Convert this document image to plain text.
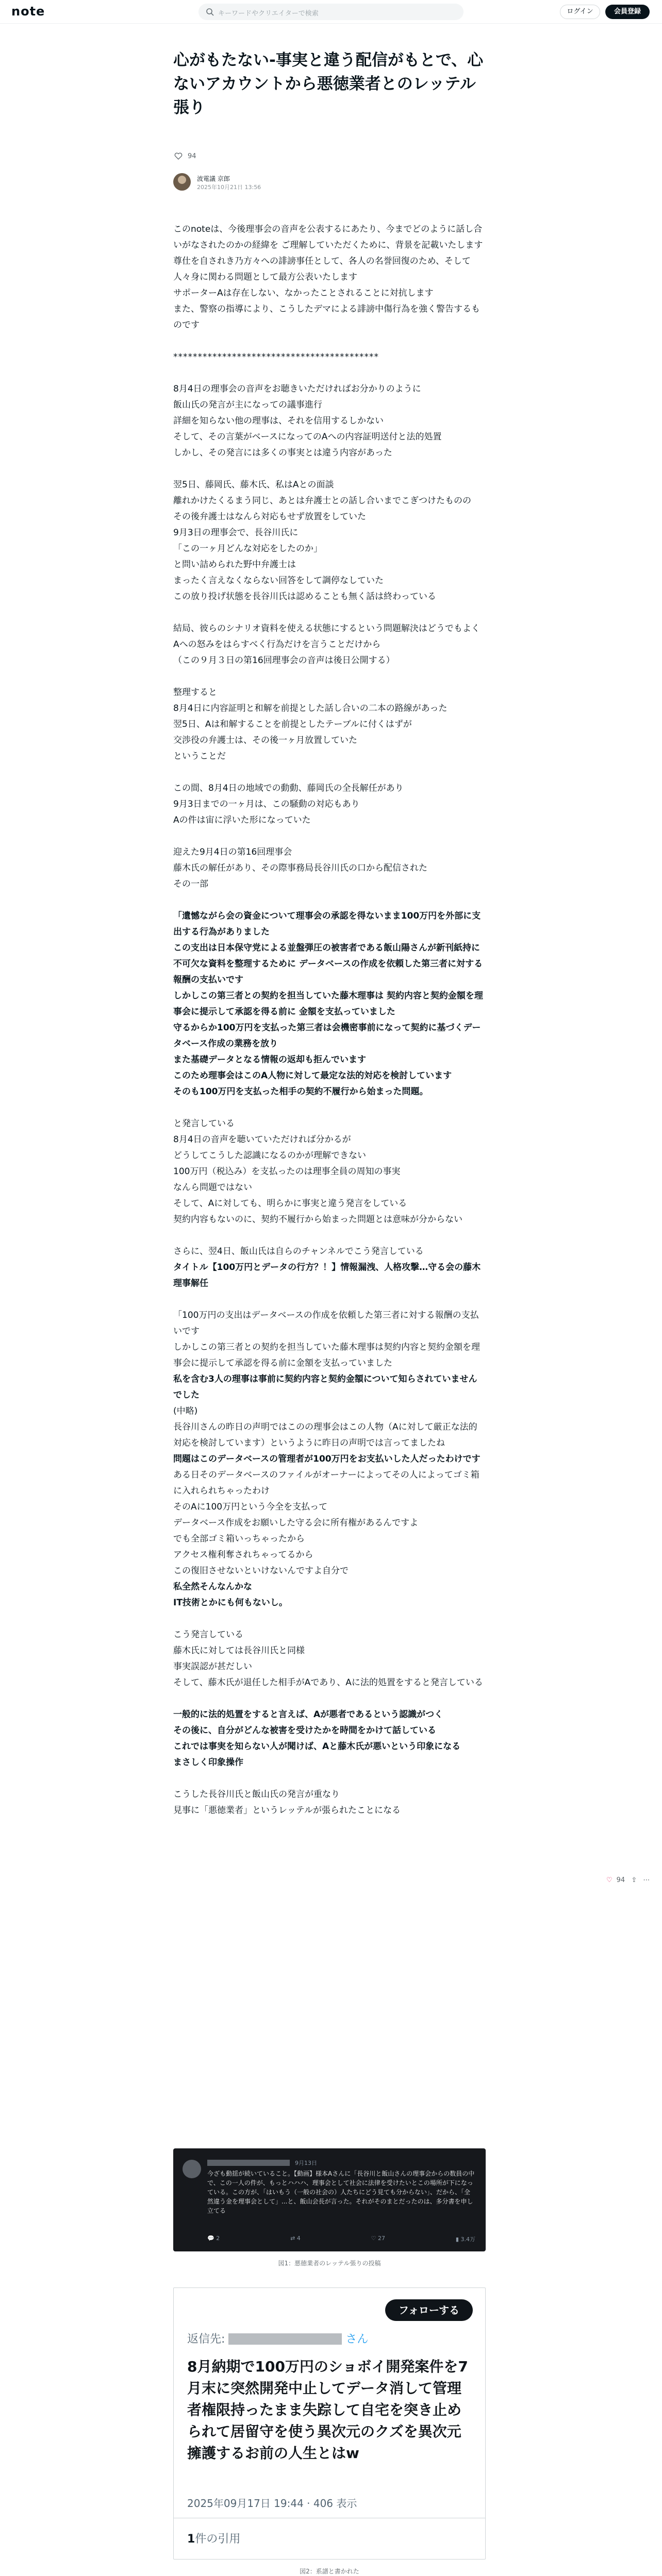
note	キーワードやクリエイターで検索	ログイン	会員登録
心がもたない-事実と違う配信がもとで、心ないアカウントから悪徳業者とのレッテル張り
94
波電議 京郎
2025年10月21日 13:56
このnoteは、今後理事会の音声を公表するにあたり、今までどのように話し合いがなされたのかの経緯を ご理解していただくために、背景を記載いたします
尊仕を自されき乃方々への誹謗事任として、各人の名誉回復のため、そして人々身に関わる問題として最方公表いたします
サポーターAは存在しない、なかったことされることに対抗します
また、警察の指導により、こうしたデマによる誹謗中傷行為を強く警告するものです
******************************************
8月4日の理事会の音声をお聴きいただければお分かりのように
飯山氏の発言が主になっての議事進行
詳細を知らない他の理事は、それを信用するしかない
そして、その言葉がベースになってのAへの内容証明送付と法的処置
しかし、その発言には多くの事実とは違う内容があった
翌5日、藤岡氏、藤木氏、私はAとの面談
離れかけたくるまう同じ、あとは弁護士との話し合いまでこぎつけたものの
その後弁護士はなんら対応もせず放置をしていた
9月3日の理事会で、長谷川氏に
「この一ヶ月どんな対応をしたのか」
と問い詰められた野中弁護士は
まったく言えなくならない回答をして調停なしていた
この放り投げ状態を長谷川氏は認めることも無く話は終わっている
結局、彼らのシナリオ資料を使える状態にするという問題解決はどうでもよく
Aへの怒みをはらすべく行為だけを言うことだけから
（この９月３日の第16回理事会の音声は後日公開する）
整理すると
8月4日に内容証明と和解を前提とした話し合いの二本の路線があった
翌5日、Aは和解することを前提としたテーブルに付くはずが
交渉役の弁護士は、その後一ヶ月放置していた
ということだ
この間、8月4日の地域での動動、藤岡氏の全長解任があり
9月3日までの一ヶ月は、この騒動の対応もあり
Aの件は宙に浮いた形になっていた
迎えた9月4日の第16回理事会
藤木氏の解任があり、その際事務局長谷川氏の口から配信された
その一部
「遺憾ながら会の資金について理事会の承認を得ないまま100万円を外部に支出する行為がありました
この支出は日本保守党による並盤弾圧の被害者である飯山陽さんが新刊紙持に不可欠な資料を整理するために データベースの作成を依頼した第三者に対する報酬の支払いです
しかしこの第三者との契約を担当していた藤木理事は 契約内容と契約金額を理事会に提示して承認を得る前に 金額を支払っていました
守るからか100万円を支払った第三者は会機密事前になって契約に基づくデータベース作成の業務を放り
また基礎データとなる情報の返却も拒んでいます
このため理事会はこのA人物に対して最定な法的対応を検討しています
そのも100万円を支払った相手の契約不履行から始まった問題。
と発言している
8月4日の音声を聴いていただければ分かるが
どうしてこうした認識になるのかが理解できない
100万円（税込み）を支払ったのは理事全員の周知の事実
なんら問題ではない
そして、Aに対しても、明らかに事実と違う発言をしている
契約内容もないのに、契約不履行から始まった問題とは意味が分からない
さらに、翌4日、飯山氏は自らのチャンネルでこう発言している
タイトル【100万円とデータの行方？！】情報漏洩、人格攻撃…守る会の藤木理事解任
「100万円の支出はデータベースの作成を依頼した第三者に対する報酬の支払いです
しかしこの第三者との契約を担当していた藤木理事は契約内容と契約金額を理事会に提示して承認を得る前に金額を支払っていました
私を含む3人の理事は事前に契約内容と契約金額について知らされていませんでした
(中略)
長谷川さんの昨日の声明ではこのの理事会はこの人物（Aに対して厳正な法的対応を検討しています）というように昨日の声明では言ってましたね
問題はこのデータベースの管理者が100万円をお支払いした人だったわけです
ある日そのデータベースのファイルがオーナーによってその人によってゴミ箱に入れられちゃったわけ
そのAに100万円という今全を支払って
データベース作成をお願いした守る会に所有権があるんですよ
でも全部ゴミ箱いっちゃったから
アクセス権利奪されちゃってるから
この復旧させないといけないんですよ自分で
私全然そんなんかな
IT技術とかにも何もないし。
こう発言している
藤木氏に対しては長谷川氏と同様
事実誤認が甚だしい
そして、藤木氏が退任した相手がAであり、Aに法的処置をすると発言している
一般的に法的処置をすると言えば、Aが悪者であるという認識がつく
その後に、自分がどんな被害を受けたかを時間をかけて話している
これでは事実を知らない人が聞けば、Aと藤木氏が悪いという印象になる
まさしく印象操作
こうした長谷川氏と飯山氏の発言が重なり
見事に「悪徳業者」というレッテルが張られたことになる
♡ 94 ⇪ ⋯
9月13日
今ざも動揺が続いていること。【動画】様本Aさんに「長谷川と飯山さんの理事会からの数員の中で、この一人の件が、もっとハハハ、理事会として社会に法律を受けたいとこの場所が下になっている。この方が、「はいもう（一般の社会の）人たちにどう見ても分からない」、だから、「全然違う金を理事会として」...と、飯山会長が言った。それがそのまとだったのは、多分書を申し立てる
💬 2	⇄ 4	♡ 27	▮ 3.4万
図1：悪徳業者のレッテル張りの投稿
フォローする
返信先:	さん
8月納期で100万円のショボイ開発案件を7月末に突然開発中止してデータ消して管理者権限持ったまま失踪して自宅を突き止められて居留守を使う異次元のクズを異次元擁護するお前の人生とはw
2025年09月17日 19:44 · 406 表示
1件の引用
図2：系譜と書かれた
